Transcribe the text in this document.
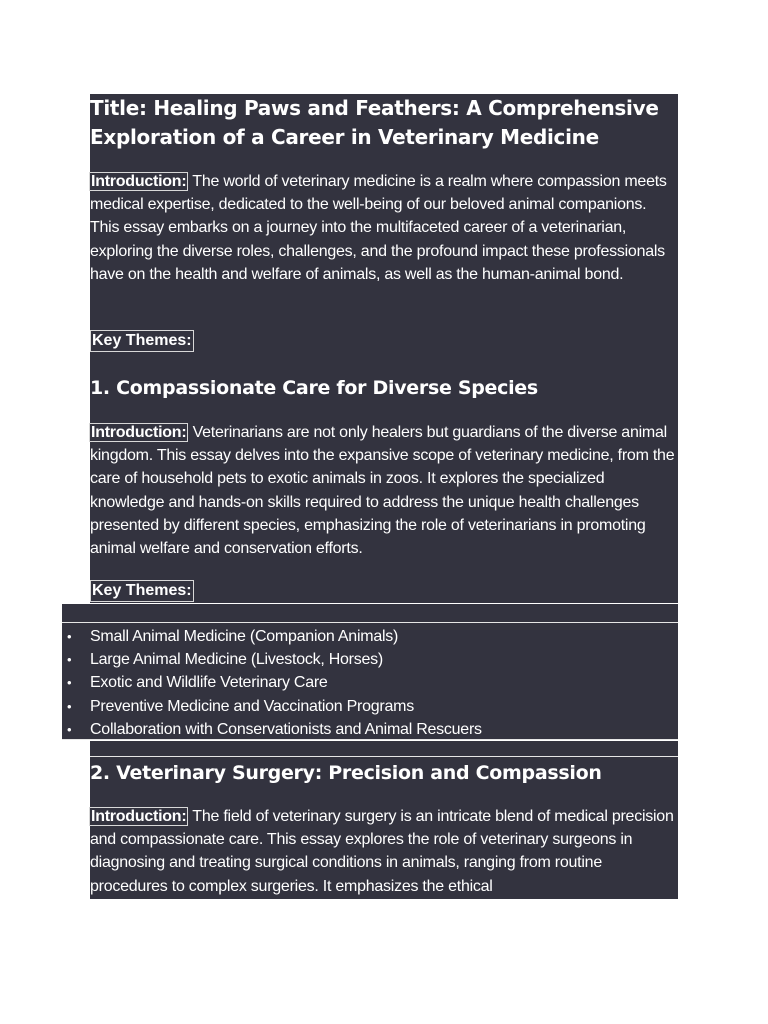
Title: Healing Paws and Feathers: A Comprehensive Exploration of a Career in Veterinary Medicine

Introduction: The world of veterinary medicine is a realm where compassion meets medical expertise, dedicated to the well-being of our beloved animal companions. This essay embarks on a journey into the multifaceted career of a veterinarian, exploring the diverse roles, challenges, and the profound impact these professionals have on the health and welfare of animals, as well as the human-animal bond.

Key Themes:
1. Compassionate Care for Diverse Species

Introduction: Veterinarians are not only healers but guardians of the diverse animal kingdom. This essay delves into the expansive scope of veterinary medicine, from the care of household pets to exotic animals in zoos. It explores the specialized knowledge and hands-on skills required to address the unique health challenges presented by different species, emphasizing the role of veterinarians in promoting animal welfare and conservation efforts.

Key Themes:
• Small Animal Medicine (Companion Animals)
• Large Animal Medicine (Livestock, Horses)
• Exotic and Wildlife Veterinary Care
• Preventive Medicine and Vaccination Programs
• Collaboration with Conservationists and Animal Rescuers
2. Veterinary Surgery: Precision and Compassion

Introduction: The field of veterinary surgery is an intricate blend of medical precision and compassionate care. This essay explores the role of veterinary surgeons in diagnosing and treating surgical conditions in animals, ranging from routine procedures to complex surgeries. It emphasizes the ethical
